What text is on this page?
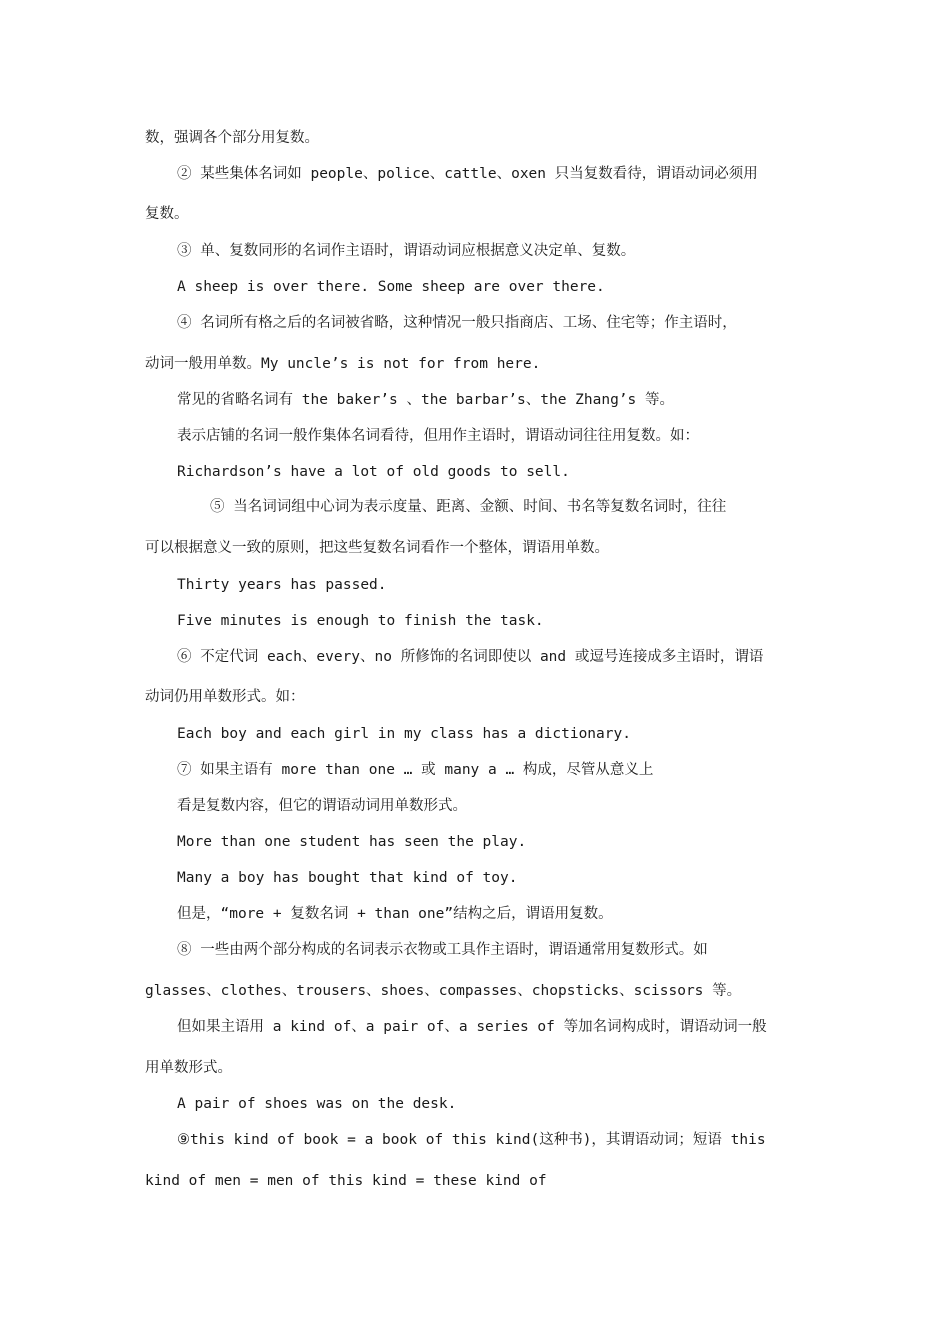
数，强调各个部分用复数。
② 某些集体名词如 people、police、cattle、oxen 只当复数看待，谓语动词必须用
复数。
③ 单、复数同形的名词作主语时，谓语动词应根据意义决定单、复数。
A sheep is over there. Some sheep are over there.
④ 名词所有格之后的名词被省略，这种情况一般只指商店、工场、住宅等；作主语时，
动词一般用单数。My uncle’s is not for from here.
常见的省略名词有 the baker’s 、the barbar’s、the Zhang’s 等。
表示店铺的名词一般作集体名词看待，但用作主语时，谓语动词往往用复数。如：
Richardson’s have a lot of old goods to sell.
⑤ 当名词词组中心词为表示度量、距离、金额、时间、书名等复数名词时，往往
可以根据意义一致的原则，把这些复数名词看作一个整体，谓语用单数。
Thirty years has passed.
Five minutes is enough to finish the task.
⑥ 不定代词 each、every、no 所修饰的名词即使以 and 或逗号连接成多主语时，谓语
动词仍用单数形式。如：
Each boy and each girl in my class has a dictionary.
⑦ 如果主语有 more than one … 或 many a … 构成，尽管从意义上
看是复数内容，但它的谓语动词用单数形式。
More than one student has seen the play.
Many a boy has bought that kind of toy.
但是，“more + 复数名词 + than one”结构之后，谓语用复数。
⑧ 一些由两个部分构成的名词表示衣物或工具作主语时，谓语通常用复数形式。如
glasses、clothes、trousers、shoes、compasses、chopsticks、scissors 等。
但如果主语用 a kind of、a pair of、a series of 等加名词构成时，谓语动词一般
用单数形式。
A pair of shoes was on the desk.
⑨this kind of book = a book of this kind(这种书)，其谓语动词；短语 this
kind of men = men of this kind = these kind of
